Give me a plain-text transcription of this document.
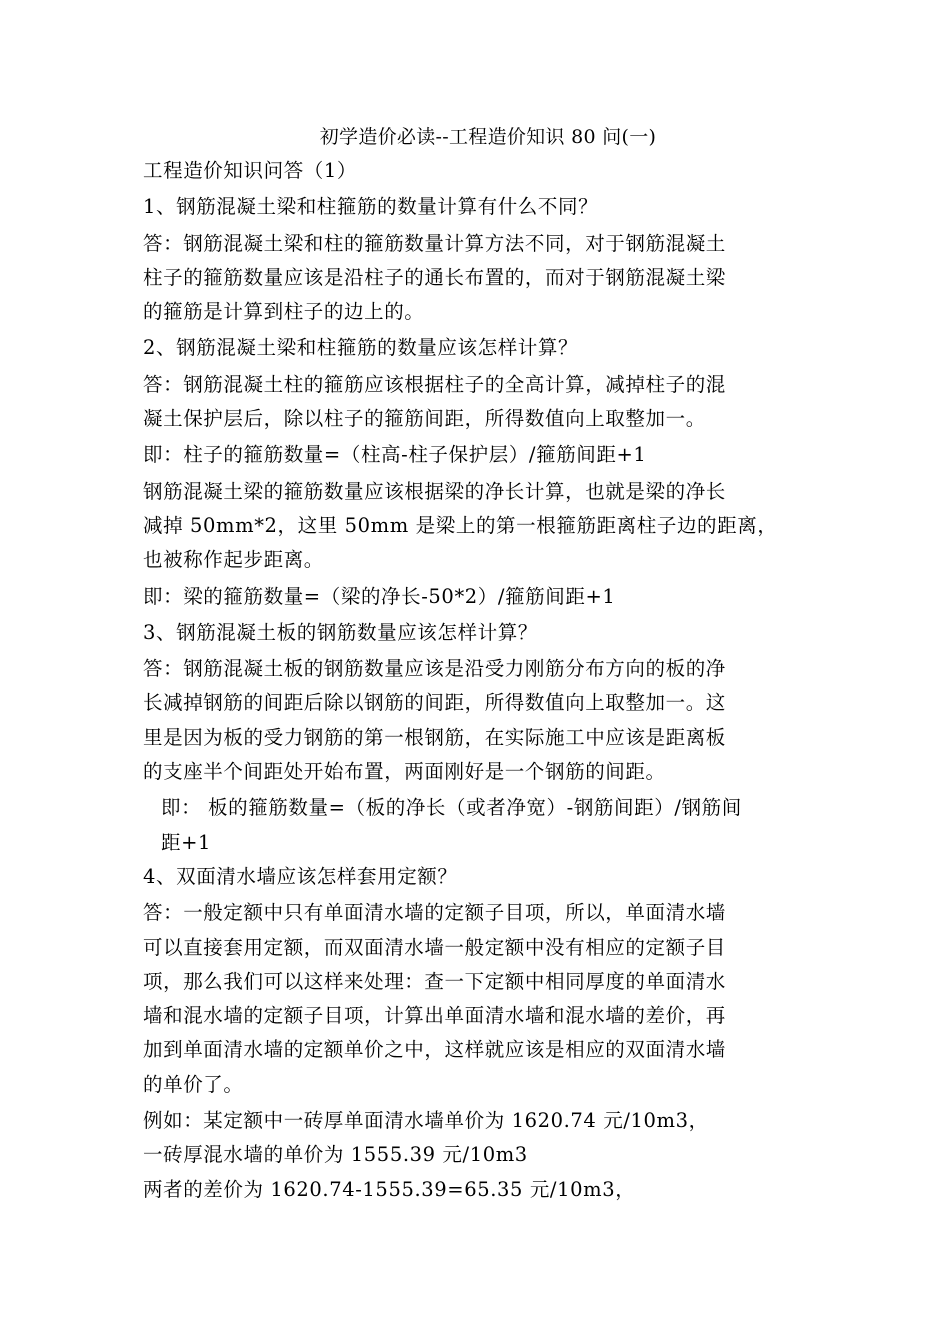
初学造价必读--工程造价知识 80 问(一)

工程造价知识问答（1）

1、钢筋混凝土梁和柱箍筋的数量计算有什么不同？

答：钢筋混凝土梁和柱的箍筋数量计算方法不同，对于钢筋混凝土
柱子的箍筋数量应该是沿柱子的通长布置的，而对于钢筋混凝土梁
的箍筋是计算到柱子的边上的。

2、钢筋混凝土梁和柱箍筋的数量应该怎样计算？

答：钢筋混凝土柱的箍筋应该根据柱子的全高计算，减掉柱子的混
凝土保护层后，除以柱子的箍筋间距，所得数值向上取整加一。

即：柱子的箍筋数量=（柱高-柱子保护层）/箍筋间距+1

钢筋混凝土梁的箍筋数量应该根据梁的净长计算，也就是梁的净长
减掉 50mm*2，这里 50mm 是梁上的第一根箍筋距离柱子边的距离，
也被称作起步距离。

即：梁的箍筋数量=（梁的净长-50*2）/箍筋间距+1

3、钢筋混凝土板的钢筋数量应该怎样计算？

答：钢筋混凝土板的钢筋数量应该是沿受力刚筋分布方向的板的净
长减掉钢筋的间距后除以钢筋的间距，所得数值向上取整加一。这
里是因为板的受力钢筋的第一根钢筋，在实际施工中应该是距离板
的支座半个间距处开始布置，两面刚好是一个钢筋的间距。

即： 板的箍筋数量=（板的净长（或者净宽）-钢筋间距）/钢筋间
距+1

4、双面清水墙应该怎样套用定额？

答：一般定额中只有单面清水墙的定额子目项，所以，单面清水墙
可以直接套用定额，而双面清水墙一般定额中没有相应的定额子目
项，那么我们可以这样来处理：查一下定额中相同厚度的单面清水
墙和混水墙的定额子目项，计算出单面清水墙和混水墙的差价，再
加到单面清水墙的定额单价之中，这样就应该是相应的双面清水墙
的单价了。

例如：某定额中一砖厚单面清水墙单价为 1620.74 元/10m3，

一砖厚混水墙的单价为 1555.39 元/10m3

两者的差价为 1620.74-1555.39=65.35 元/10m3，
